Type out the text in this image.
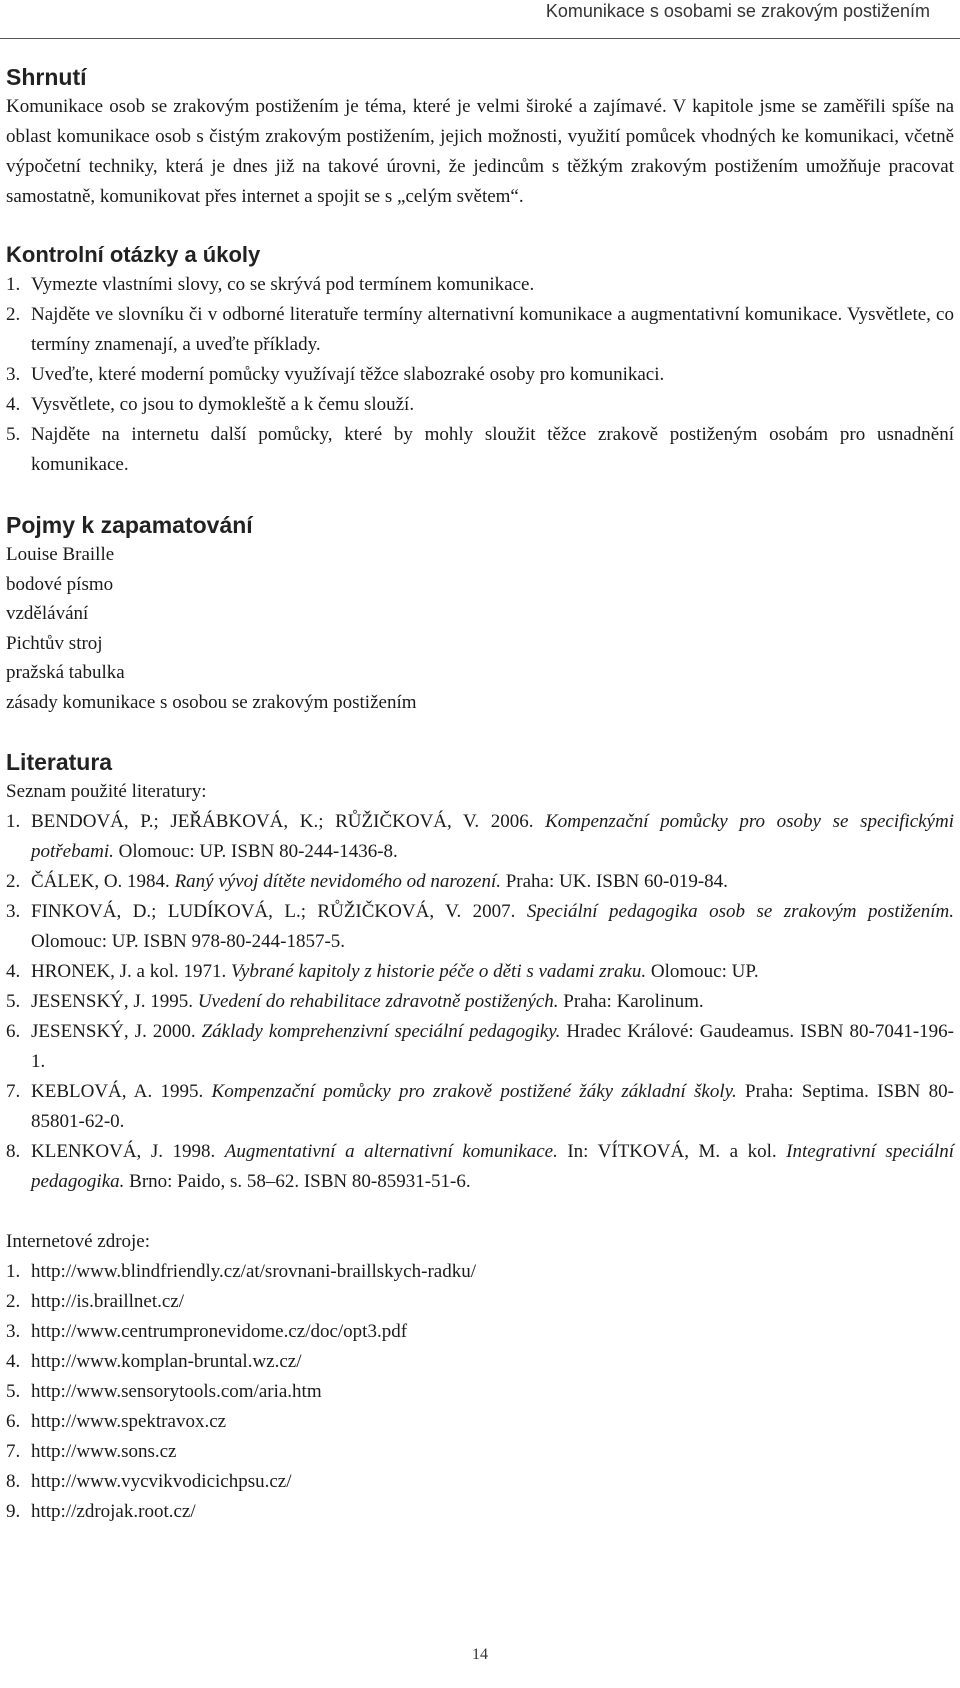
Komunikace s osobami se zrakovým postižením
Shrnutí

Komunikace osob se zrakovým postižením je téma, které je velmi široké a zajímavé. V kapitole jsme se zaměřili spíše na oblast komunikace osob s čistým zrakovým postižením, jejich možnosti, využití pomůcek vhodných ke komunikaci, včetně výpočetní techniky, která je dnes již na takové úrovni, že jedincům s těžkým zrakovým postižením umožňuje pracovat samostatně, komunikovat přes internet a spojit se s „celým světem“.

Kontrolní otázky a úkoly
1. Vymezte vlastními slovy, co se skrývá pod termínem komunikace.
2. Najděte ve slovníku či v odborné literatuře termíny alternativní komunikace a augmentativní komunikace. Vysvětlete, co termíny znamenají, a uveďte příklady.
3. Uveďte, které moderní pomůcky využívají těžce slabozraké osoby pro komunikaci.
4. Vysvětlete, co jsou to dymokleště a k čemu slouží.
5. Najděte na internetu další pomůcky, které by mohly sloužit těžce zrakově postiženým osobám pro usnadnění komunikace.
Pojmy k zapamatování
Louise Braille
bodové písmo
vzdělávání
Pichtův stroj
pražská tabulka
zásady komunikace s osobou se zrakovým postižením
Literatura

Seznam použité literatury:

1. BENDOVÁ, P.; JEŘÁBKOVÁ, K.; RŮŽIČKOVÁ, V. 2006. Kompenzační pomůcky pro osoby se specifickými potřebami. Olomouc: UP. ISBN 80-244-1436-8.
2. ČÁLEK, O. 1984. Raný vývoj dítěte nevidomého od narození. Praha: UK. ISBN 60-019-84.
3. FINKOVÁ, D.; LUDÍKOVÁ, L.; RŮŽIČKOVÁ, V. 2007. Speciální pedagogika osob se zrakovým postižením. Olomouc: UP. ISBN 978-80-244-1857-5.
4. HRONEK, J. a kol. 1971. Vybrané kapitoly z historie péče o děti s vadami zraku. Olomouc: UP.
5. JESENSKÝ, J. 1995. Uvedení do rehabilitace zdravotně postižených. Praha: Karolinum.
6. JESENSKÝ, J. 2000. Základy komprehenzivní speciální pedagogiky. Hradec Králové: Gaudeamus. ISBN 80-7041-196-1.
7. KEBLOVÁ, A. 1995. Kompenzační pomůcky pro zrakově postižené žáky základní školy. Praha: Septima. ISBN 80-85801-62-0.
8. KLENKOVÁ, J. 1998. Augmentativní a alternativní komunikace. In: VÍTKOVÁ, M. a kol. Integrativní speciální pedagogika. Brno: Paido, s. 58–62. ISBN 80-85931-51-6.

Internetové zdroje:

1. http://www.blindfriendly.cz/at/srovnani-braillskych-radku/
2. http://is.braillnet.cz/
3. http://www.centrumpronevidome.cz/doc/opt3.pdf
4. http://www.komplan-bruntal.wz.cz/
5. http://www.sensorytools.com/aria.htm
6. http://www.spektravox.cz
7. http://www.sons.cz
8. http://www.vycvikvodicichpsu.cz/
9. http://zdrojak.root.cz/
14
